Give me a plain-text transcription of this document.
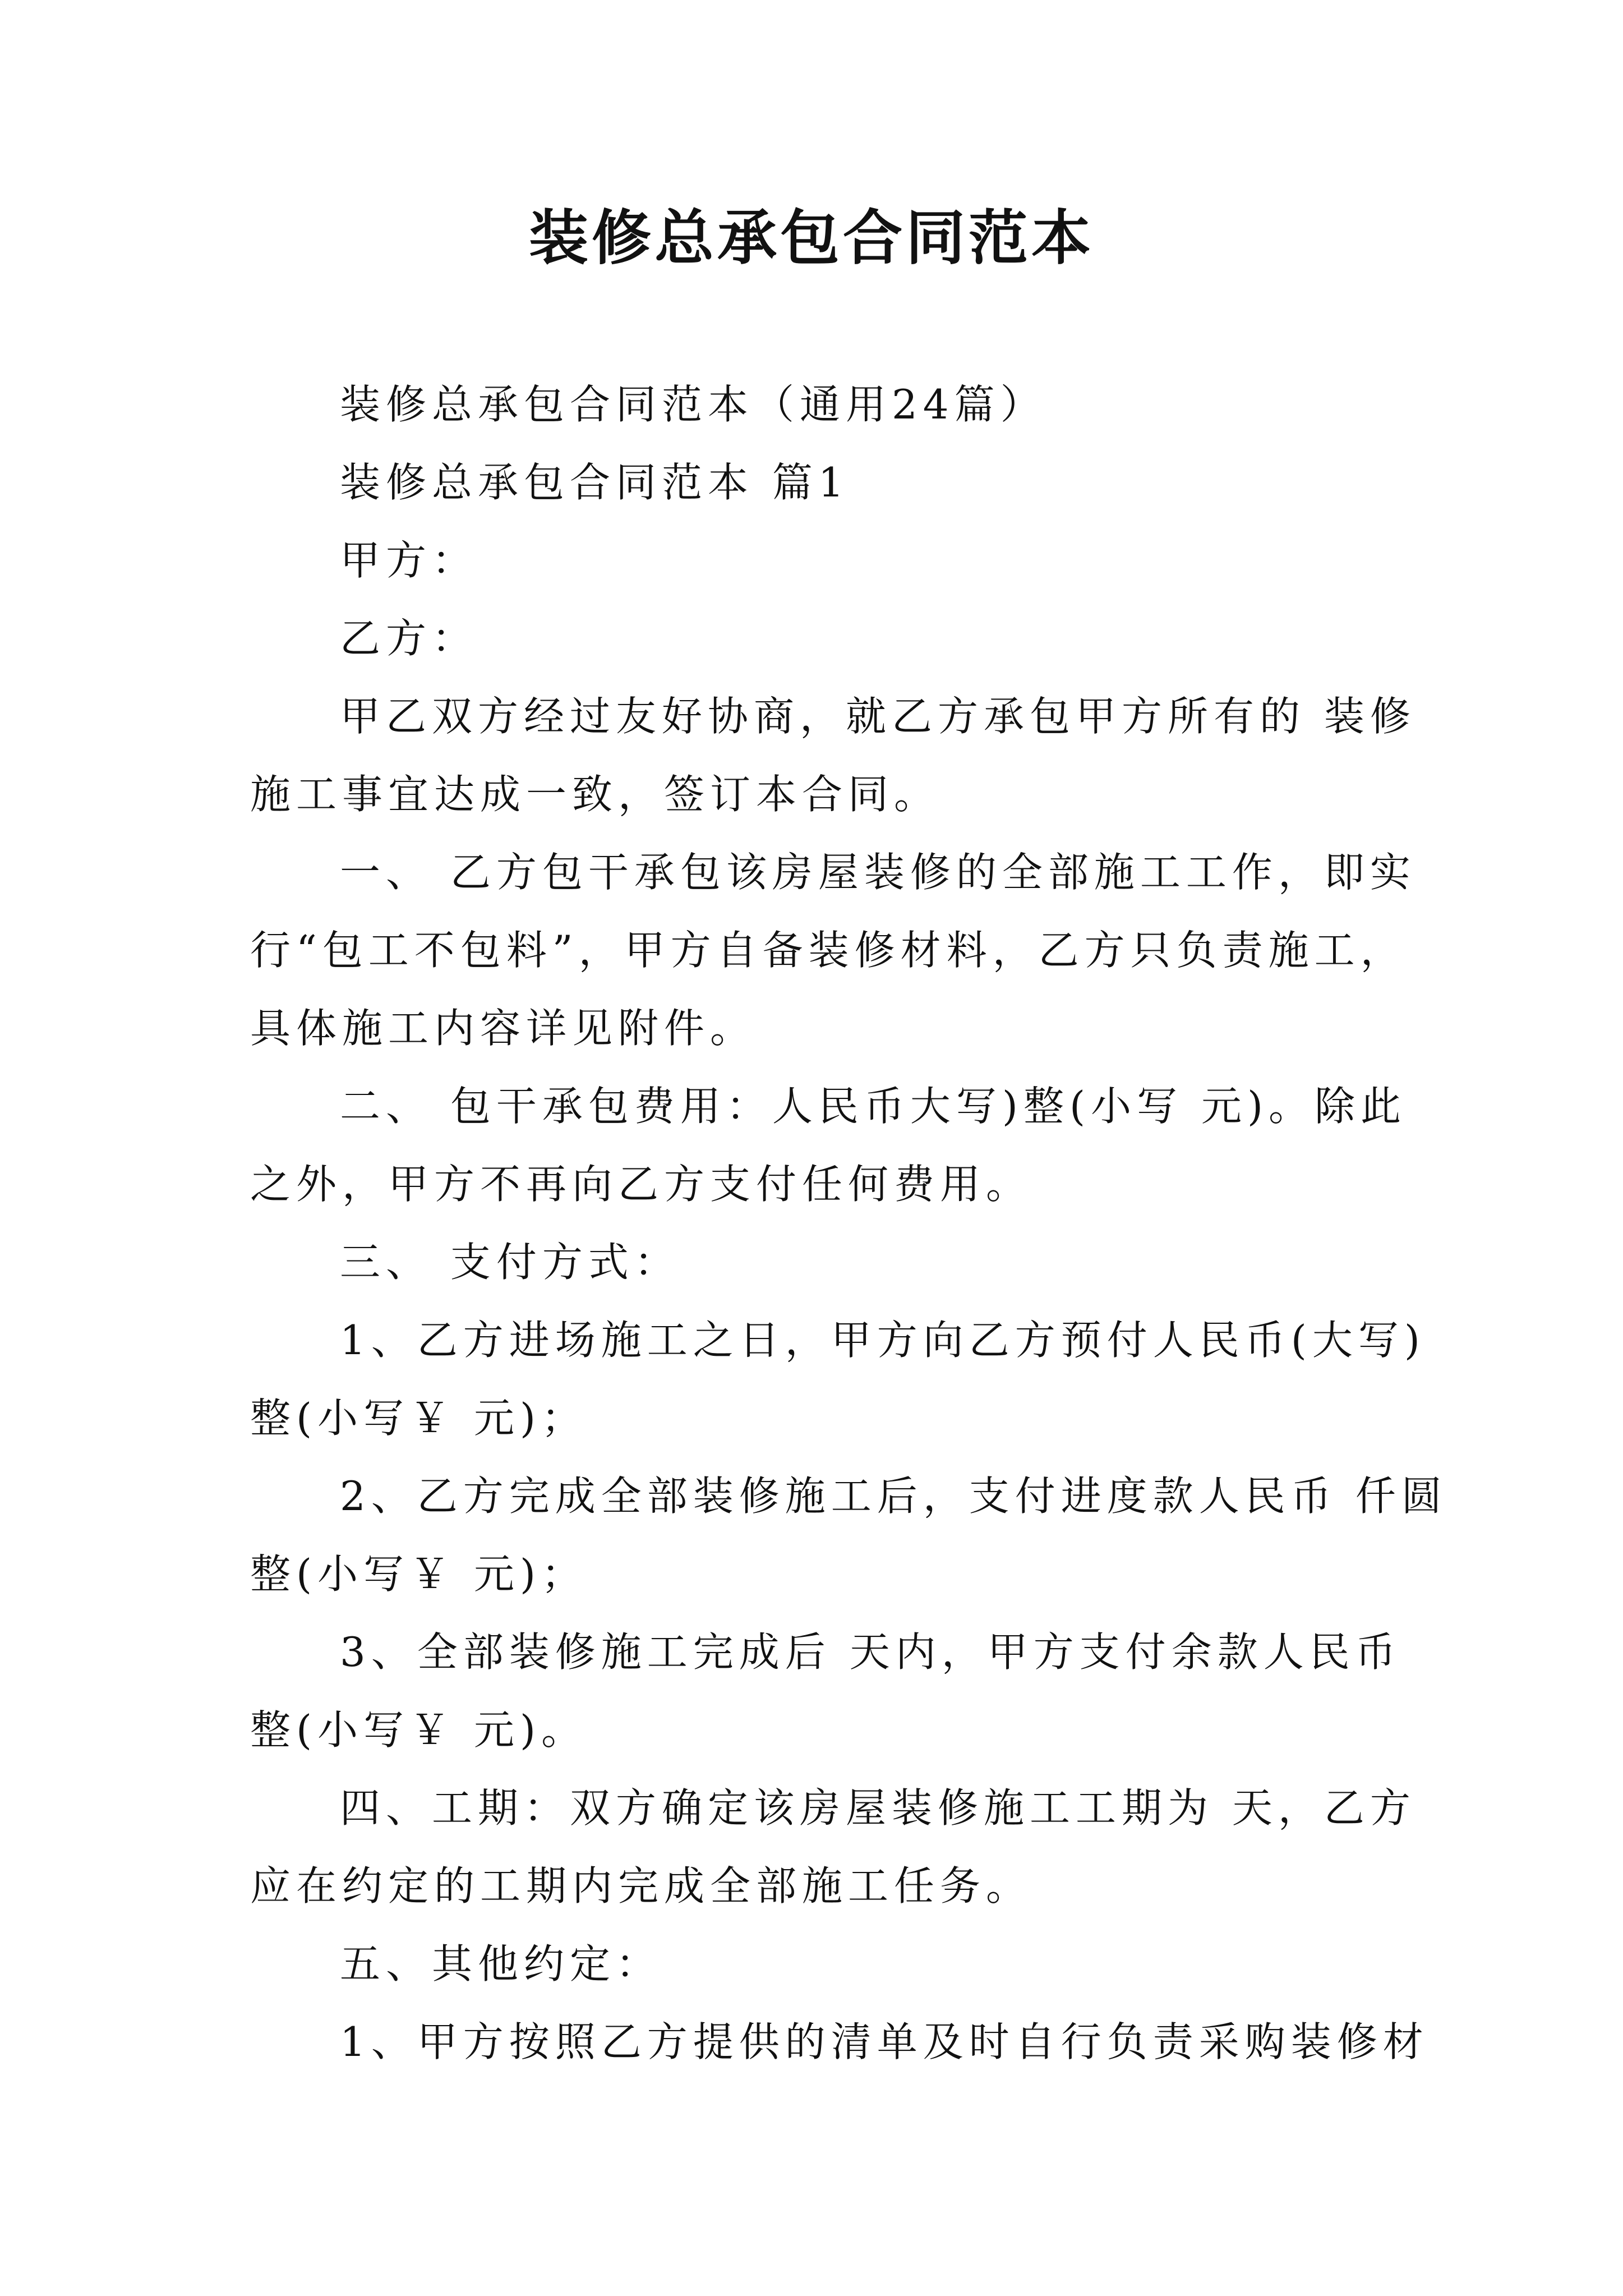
装修总承包合同范本
装修总承包合同范本（通用24篇）
装修总承包合同范本 篇1
甲方：
乙方：
甲乙双方经过友好协商，就乙方承包甲方所有的 装修
施工事宜达成一致，签订本合同。
一、 乙方包干承包该房屋装修的全部施工工作，即实
行“包工不包料”，甲方自备装修材料，乙方只负责施工，
具体施工内容详见附件。
二、 包干承包费用：人民币大写)整(小写 元)。除此
之外，甲方不再向乙方支付任何费用。
三、 支付方式：
1、乙方进场施工之日，甲方向乙方预付人民币(大写)
整(小写￥ 元)；
2、乙方完成全部装修施工后，支付进度款人民币 仟圆
整(小写￥ 元)；
3、全部装修施工完成后 天内，甲方支付余款人民币
整(小写￥ 元)。
四、工期：双方确定该房屋装修施工工期为 天，乙方
应在约定的工期内完成全部施工任务。
五、其他约定：
1、甲方按照乙方提供的清单及时自行负责采购装修材
